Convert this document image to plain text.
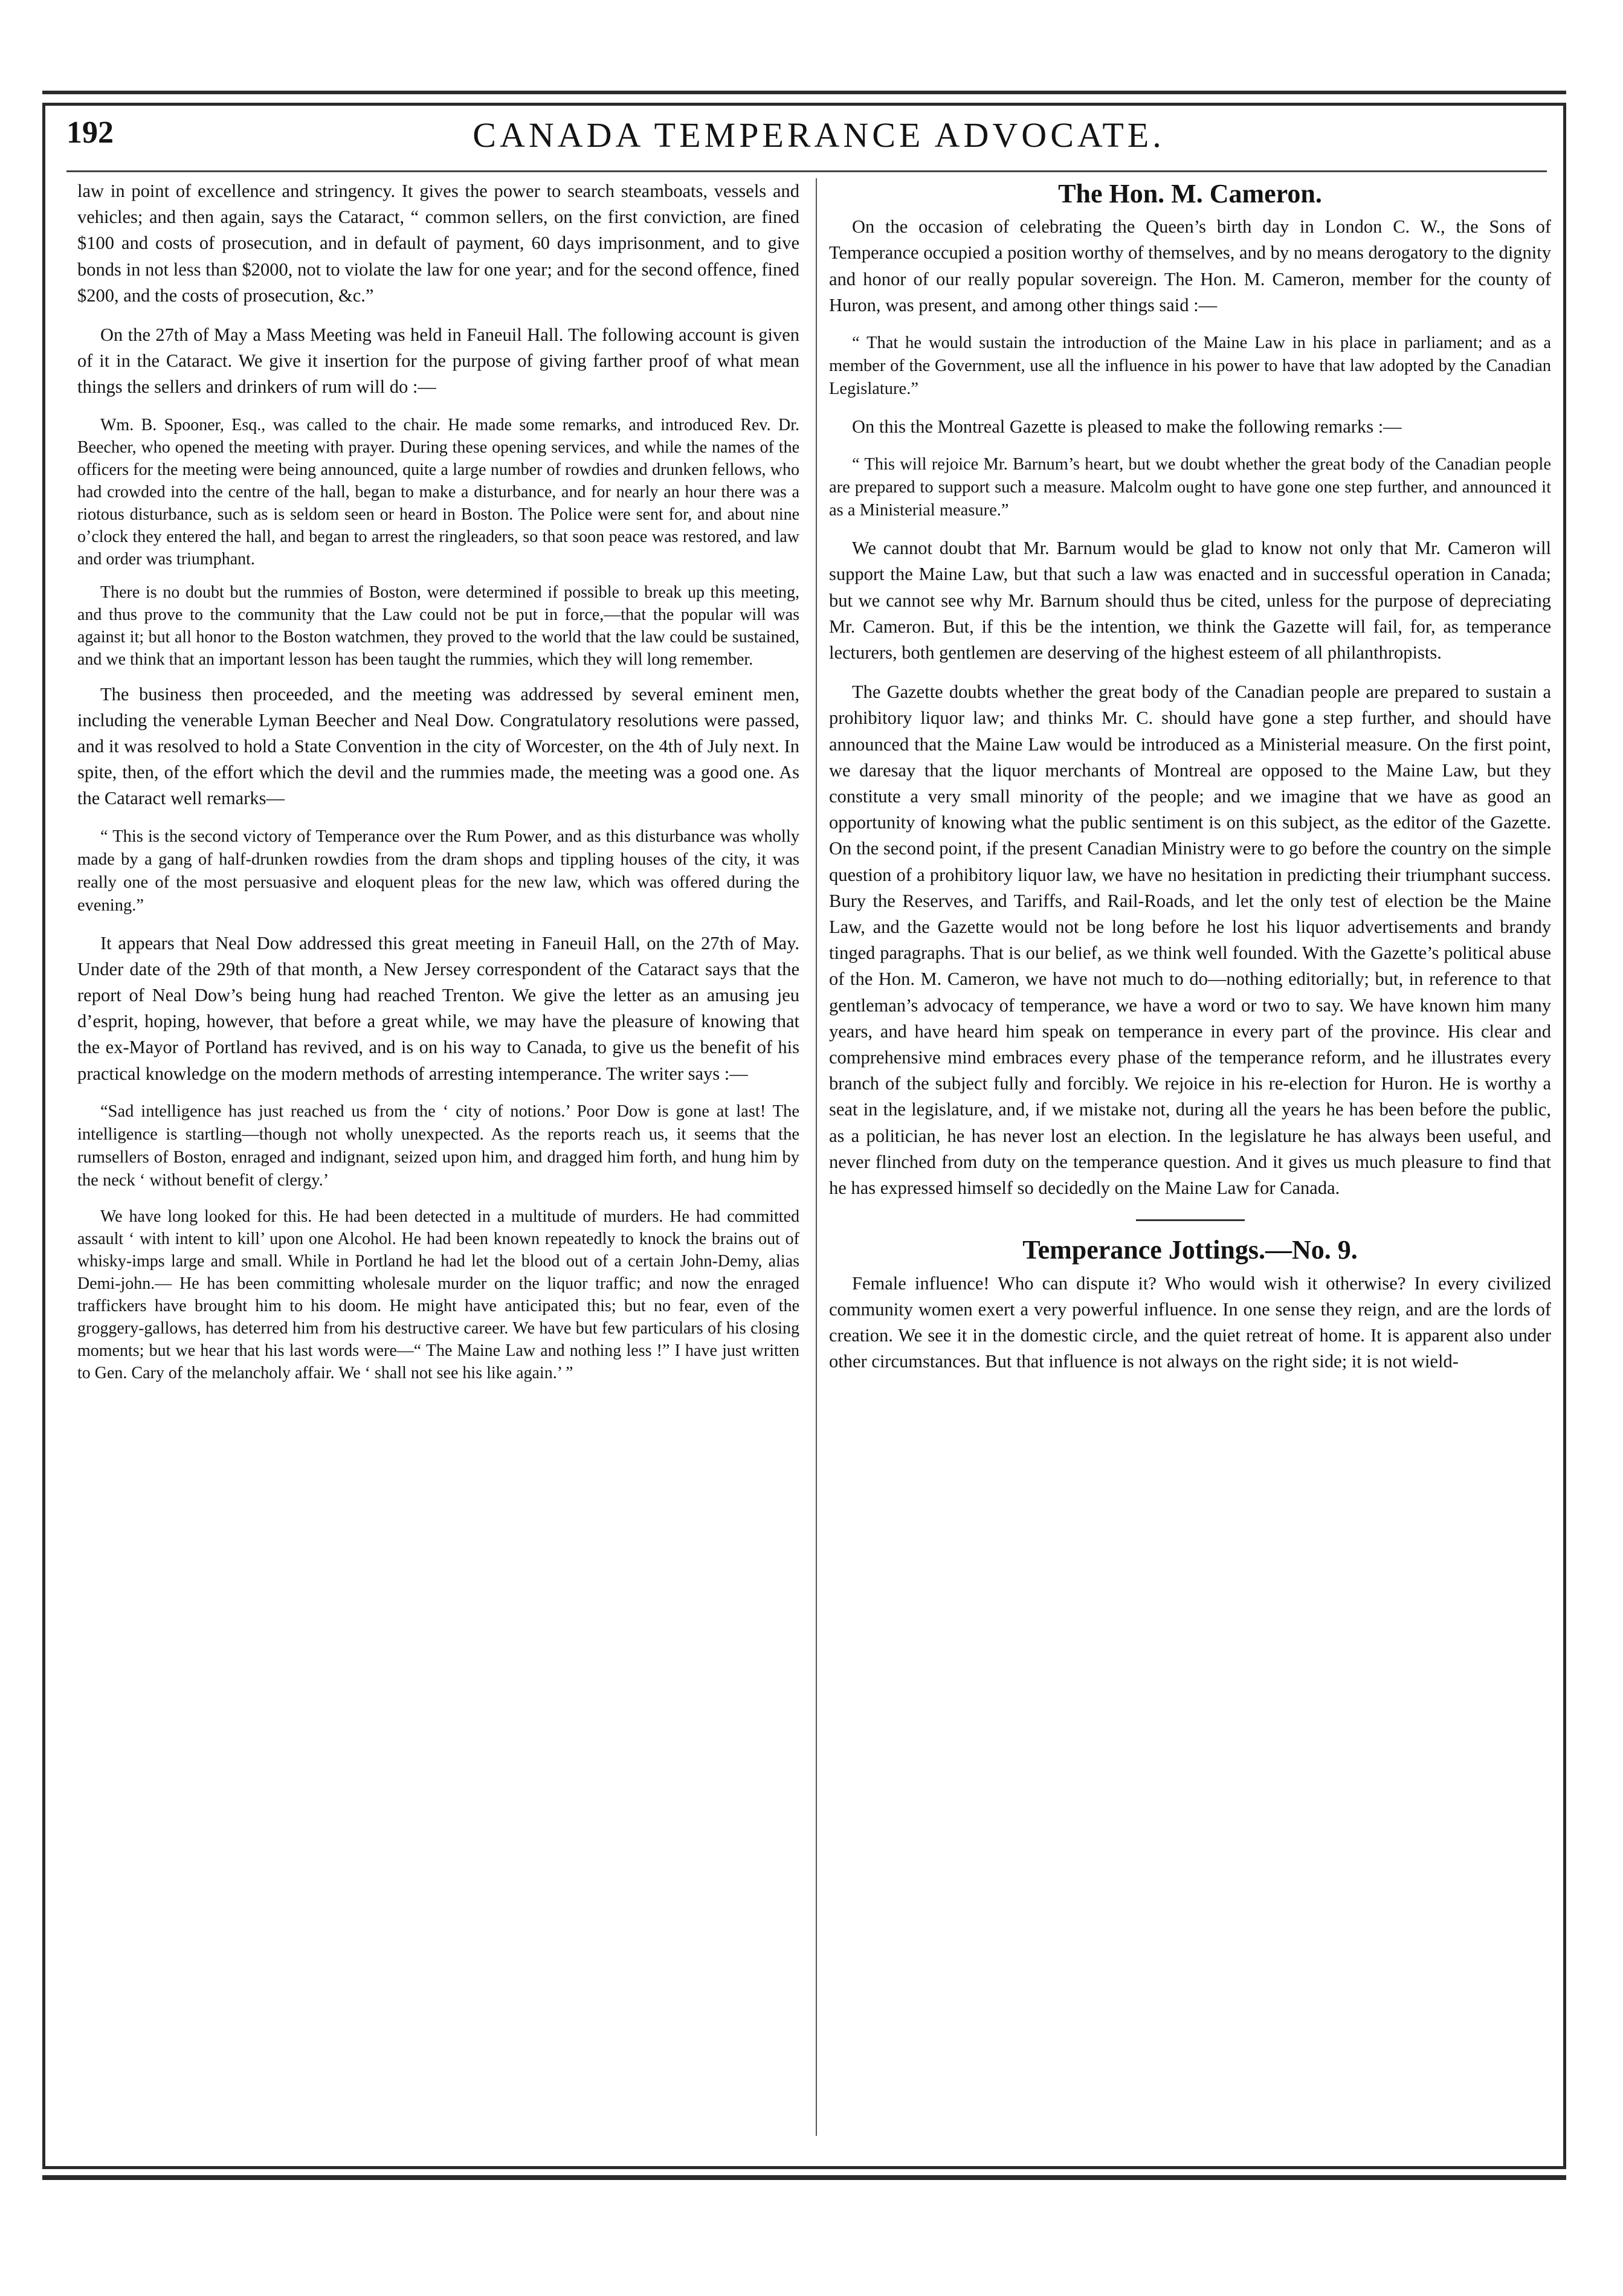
192	CANADA TEMPERANCE ADVOCATE.

law in point of excellence and stringency. It gives the power to search steamboats, vessels and vehicles; and then again, says the Cataract, “ common sellers, on the first conviction, are fined $100 and costs of prosecution, and in default of payment, 60 days imprisonment, and to give bonds in not less than $2000, not to violate the law for one year; and for the second offence, fined $200, and the costs of prosecution, &c.”

On the 27th of May a Mass Meeting was held in Faneuil Hall. The following account is given of it in the Cataract. We give it insertion for the purpose of giving farther proof of what mean things the sellers and drinkers of rum will do :—

Wm. B. Spooner, Esq., was called to the chair. He made some remarks, and introduced Rev. Dr. Beecher, who opened the meeting with prayer. During these opening services, and while the names of the officers for the meeting were being announced, quite a large number of rowdies and drunken fellows, who had crowded into the centre of the hall, began to make a disturbance, and for nearly an hour there was a riotous disturbance, such as is seldom seen or heard in Boston. The Police were sent for, and about nine o’clock they entered the hall, and began to arrest the ringleaders, so that soon peace was restored, and law and order was triumphant.

There is no doubt but the rummies of Boston, were determined if possible to break up this meeting, and thus prove to the community that the Law could not be put in force,—that the popular will was against it; but all honor to the Boston watchmen, they proved to the world that the law could be sustained, and we think that an important lesson has been taught the rummies, which they will long remember.

The business then proceeded, and the meeting was addressed by several eminent men, including the venerable Lyman Beecher and Neal Dow. Congratulatory resolutions were passed, and it was resolved to hold a State Convention in the city of Worcester, on the 4th of July next. In spite, then, of the effort which the devil and the rummies made, the meeting was a good one. As the Cataract well remarks—

“ This is the second victory of Temperance over the Rum Power, and as this disturbance was wholly made by a gang of half-drunken rowdies from the dram shops and tippling houses of the city, it was really one of the most persuasive and eloquent pleas for the new law, which was offered during the evening.”

It appears that Neal Dow addressed this great meeting in Faneuil Hall, on the 27th of May. Under date of the 29th of that month, a New Jersey correspondent of the Cataract says that the report of Neal Dow’s being hung had reached Trenton. We give the letter as an amusing jeu d’esprit, hoping, however, that before a great while, we may have the pleasure of knowing that the ex-Mayor of Portland has revived, and is on his way to Canada, to give us the benefit of his practical knowledge on the modern methods of arresting intemperance. The writer says :—

“Sad intelligence has just reached us from the ‘ city of notions.’ Poor Dow is gone at last! The intelligence is startling—though not wholly unexpected. As the reports reach us, it seems that the rumsellers of Boston, enraged and indignant, seized upon him, and dragged him forth, and hung him by the neck ‘ without benefit of clergy.’

We have long looked for this. He had been detected in a multitude of murders. He had committed assault ‘ with intent to kill’ upon one Alcohol. He had been known repeatedly to knock the brains out of whisky-imps large and small. While in Portland he had let the blood out of a certain John-Demy, alias Demi-john.— He has been committing wholesale murder on the liquor traffic; and now the enraged traffickers have brought him to his doom. He might have anticipated this; but no fear, even of the groggery-gallows, has deterred him from his destructive career. We have but few particulars of his closing moments; but we hear that his last words were—“ The Maine Law and nothing less !” I have just written to Gen. Cary of the melancholy affair. We ‘ shall not see his like again.’ ”

The Hon. M. Cameron.

On the occasion of celebrating the Queen’s birth day in London C. W., the Sons of Temperance occupied a position worthy of themselves, and by no means derogatory to the dignity and honor of our really popular sovereign. The Hon. M. Cameron, member for the county of Huron, was present, and among other things said :—

“ That he would sustain the introduction of the Maine Law in his place in parliament; and as a member of the Government, use all the influence in his power to have that law adopted by the Canadian Legislature.”

On this the Montreal Gazette is pleased to make the following remarks :—

“ This will rejoice Mr. Barnum’s heart, but we doubt whether the great body of the Canadian people are prepared to support such a measure. Malcolm ought to have gone one step further, and announced it as a Ministerial measure.”

We cannot doubt that Mr. Barnum would be glad to know not only that Mr. Cameron will support the Maine Law, but that such a law was enacted and in successful operation in Canada; but we cannot see why Mr. Barnum should thus be cited, unless for the purpose of depreciating Mr. Cameron. But, if this be the intention, we think the Gazette will fail, for, as temperance lecturers, both gentlemen are deserving of the highest esteem of all philanthropists.

The Gazette doubts whether the great body of the Canadian people are prepared to sustain a prohibitory liquor law; and thinks Mr. C. should have gone a step further, and should have announced that the Maine Law would be introduced as a Ministerial measure. On the first point, we daresay that the liquor merchants of Montreal are opposed to the Maine Law, but they constitute a very small minority of the people; and we imagine that we have as good an opportunity of knowing what the public sentiment is on this subject, as the editor of the Gazette. On the second point, if the present Canadian Ministry were to go before the country on the simple question of a prohibitory liquor law, we have no hesitation in predicting their triumphant success. Bury the Reserves, and Tariffs, and Rail-Roads, and let the only test of election be the Maine Law, and the Gazette would not be long before he lost his liquor advertisements and brandy tinged paragraphs. That is our belief, as we think well founded. With the Gazette’s political abuse of the Hon. M. Cameron, we have not much to do—nothing editorially; but, in reference to that gentleman’s advocacy of temperance, we have a word or two to say. We have known him many years, and have heard him speak on temperance in every part of the province. His clear and comprehensive mind embraces every phase of the temperance reform, and he illustrates every branch of the subject fully and forcibly. We rejoice in his re-election for Huron. He is worthy a seat in the legislature, and, if we mistake not, during all the years he has been before the public, as a politician, he has never lost an election. In the legislature he has always been useful, and never flinched from duty on the temperance question. And it gives us much pleasure to find that he has expressed himself so decidedly on the Maine Law for Canada.

Temperance Jottings.—No. 9.

Female influence! Who can dispute it? Who would wish it otherwise? In every civilized community women exert a very powerful influence. In one sense they reign, and are the lords of creation. We see it in the domestic circle, and the quiet retreat of home. It is apparent also under other circumstances. But that influence is not always on the right side; it is not wield-
